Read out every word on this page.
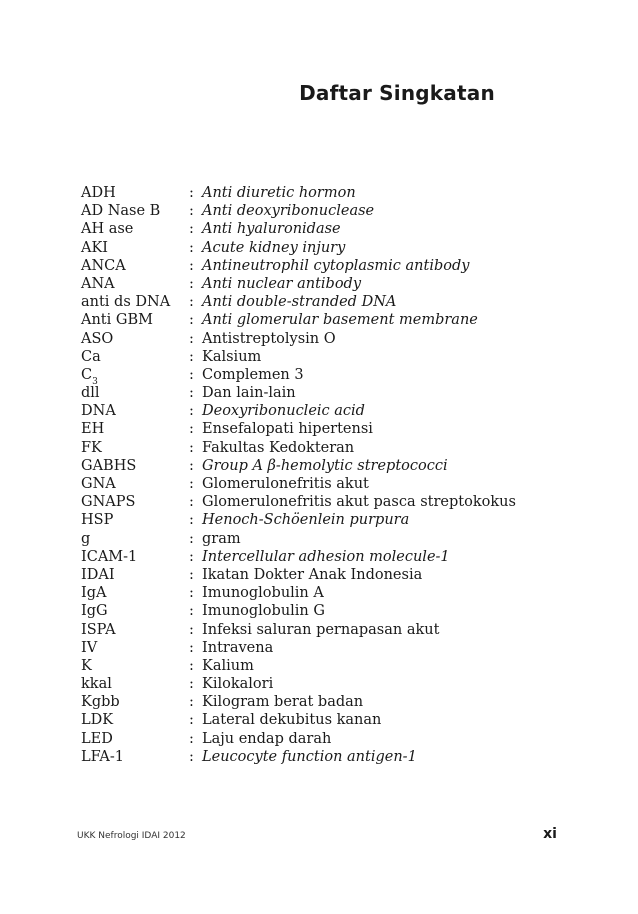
Daftar Singkatan
ADH	: Anti diuretic hormon
AD Nase B : Anti deoxyribonuclease
AH ase	: Anti hyaluronidase
AKI	: Acute kidney injury
ANCA	: Antineutrophil cytoplasmic antibody
ANA	: Anti nuclear antibody
anti ds DNA : Anti double-stranded DNA
Anti GBM : Anti glomerular basement membrane
ASO	: Antistreptolysin O
Ca	: Kalsium
$C_3$	: Complemen 3
dll	: Dan lain-lain
DNA	: Deoxyribonucleic acid
EH	: Ensefalopati hipertensi
FK	: Fakultas Kedokteran
GABHS	: Group A β-hemolytic streptococci
GNA	: Glomerulonefritis akut
GNAPS	: Glomerulonefritis akut pasca streptokokus
HSP	: Henoch-Schöenlein purpura
g	: gram
ICAM-1	: Intercellular adhesion molecule-1
IDAI	: Ikatan Dokter Anak Indonesia
IgA	: Imunoglobulin A
IgG	: Imunoglobulin G
ISPA	: Infeksi saluran pernapasan akut
IV	: Intravena
K	: Kalium
kkal	: Kilokalori
Kgbb	: Kilogram berat badan
LDK	: Lateral dekubitus kanan
LED	: Laju endap darah
LFA-1	: Leucocyte function antigen-1
UKK Nefrologi IDAI 2012	xi
